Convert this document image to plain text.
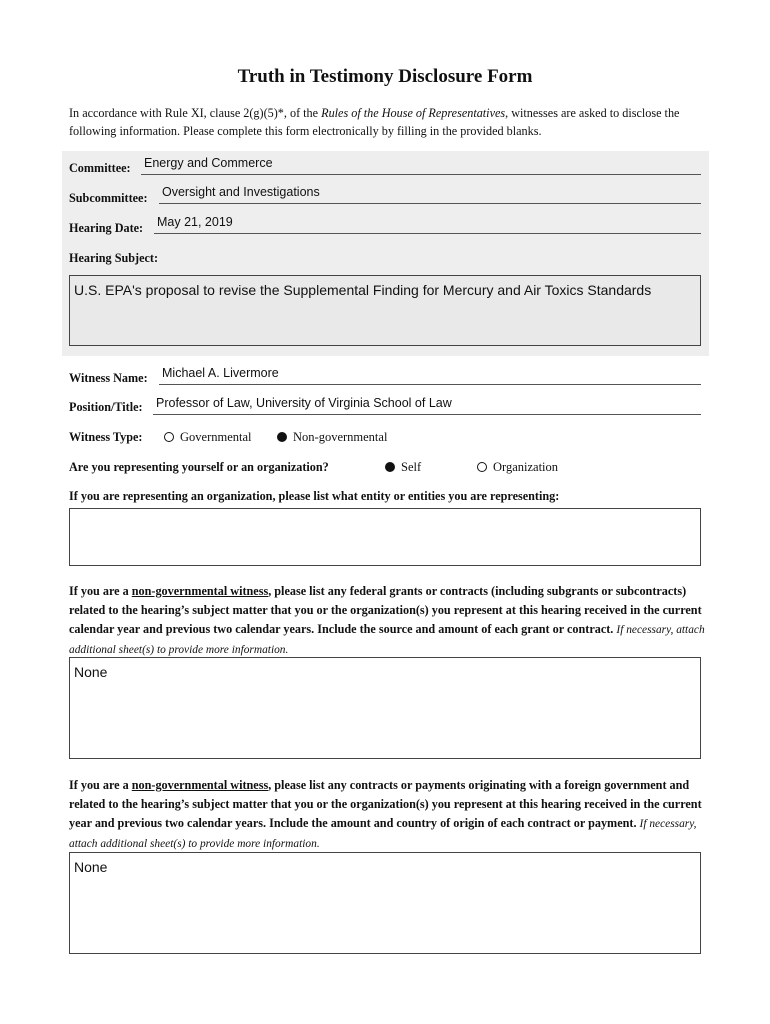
Truth in Testimony Disclosure Form
In accordance with Rule XI, clause 2(g)(5)*, of the Rules of the House of Representatives, witnesses are asked to disclose the following information. Please complete this form electronically by filling in the provided blanks.
Committee: Energy and Commerce
Subcommittee: Oversight and Investigations
Hearing Date: May 21, 2019
Hearing Subject:
U.S. EPA's proposal to revise the Supplemental Finding for Mercury and Air Toxics Standards
Witness Name: Michael A. Livermore
Position/Title: Professor of Law, University of Virginia School of Law
Witness Type:	Governmental	Non-governmental
Are you representing yourself or an organization?	Self	Organization
If you are representing an organization, please list what entity or entities you are representing:
If you are a non-governmental witness, please list any federal grants or contracts (including subgrants or subcontracts) related to the hearing’s subject matter that you or the organization(s) you represent at this hearing received in the current calendar year and previous two calendar years. Include the source and amount of each grant or contract. If necessary, attach additional sheet(s) to provide more information.
None
If you are a non-governmental witness, please list any contracts or payments originating with a foreign government and related to the hearing’s subject matter that you or the organization(s) you represent at this hearing received in the current year and previous two calendar years. Include the amount and country of origin of each contract or payment. If necessary, attach additional sheet(s) to provide more information.
None
